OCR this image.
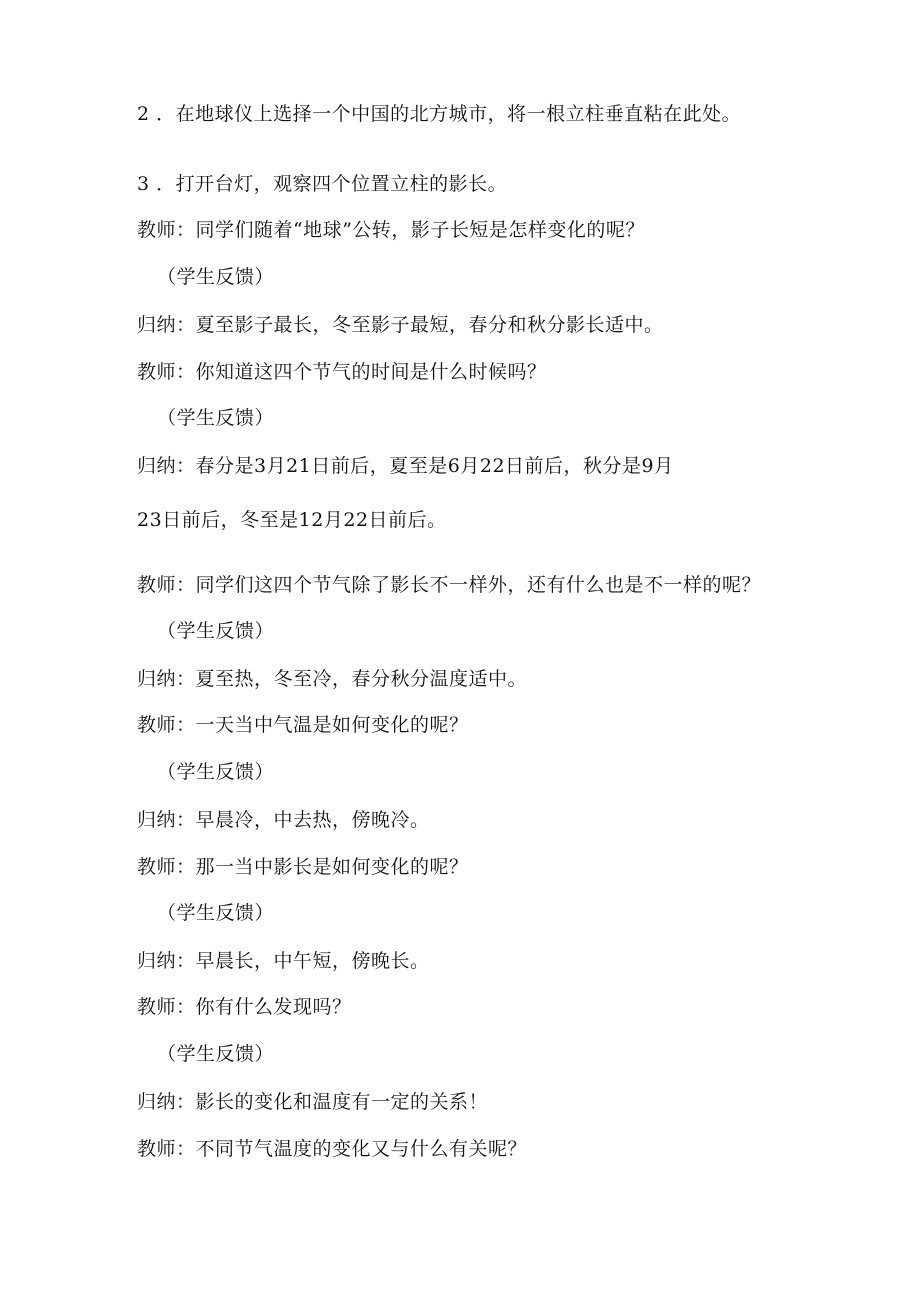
2 ．在地球仪上选择一个中国的北方城市，将一根立柱垂直粘在此处。
3 ．打开台灯，观察四个位置立柱的影长。
教师：同学们随着“地球”公转，影子长短是怎样变化的呢？
（学生反馈）
归纳：夏至影子最长，冬至影子最短，春分和秋分影长适中。
教师：你知道这四个节气的时间是什么时候吗？
（学生反馈）
归纳：春分是3月21日前后，夏至是6月22日前后，秋分是9月
23日前后，冬至是12月22日前后。
教师：同学们这四个节气除了影长不一样外，还有什么也是不一样的呢？
（学生反馈）
归纳：夏至热，冬至冷，春分秋分温度适中。
教师：一天当中气温是如何变化的呢？
（学生反馈）
归纳：早晨冷，中去热，傍晚冷。
教师：那一当中影长是如何变化的呢？
（学生反馈）
归纳：早晨长，中午短，傍晚长。
教师：你有什么发现吗？
（学生反馈）
归纳：影长的变化和温度有一定的关系！
教师：不同节气温度的变化又与什么有关呢？
